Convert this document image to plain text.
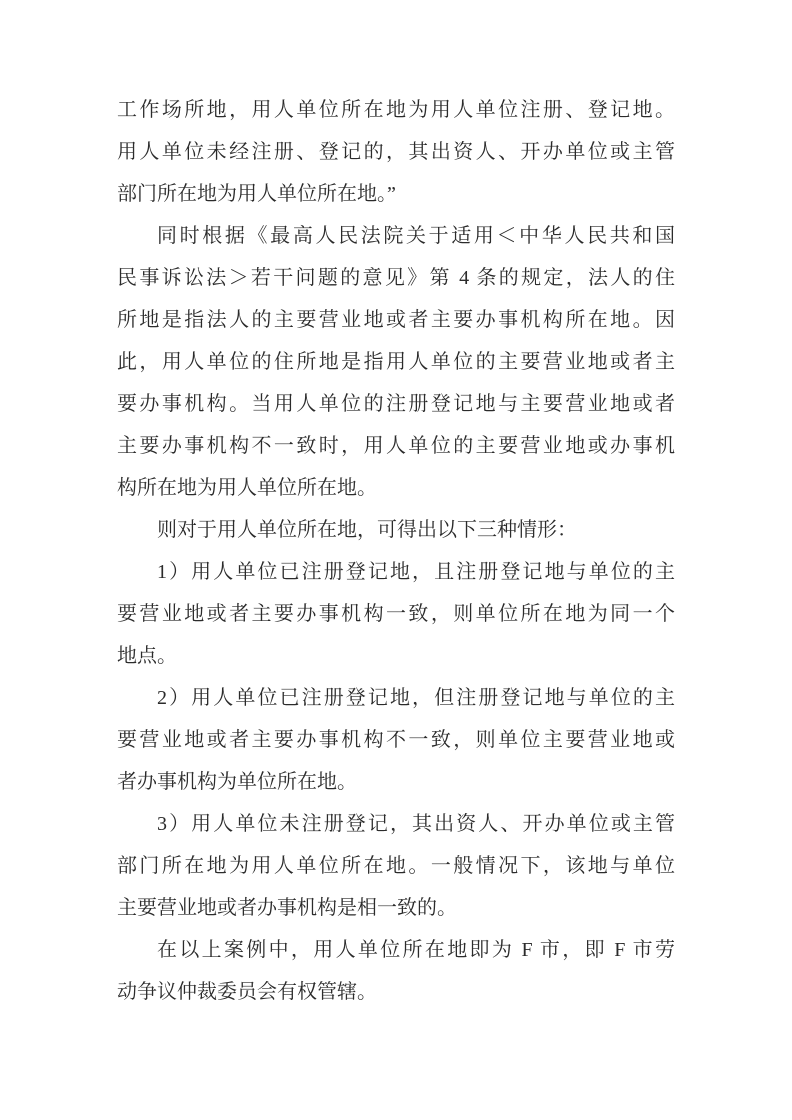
工作场所地，用人单位所在地为用人单位注册、登记地。
用人单位未经注册、登记的，其出资人、开办单位或主管
部门所在地为用人单位所在地。”
同时根据《最高人民法院关于适用＜中华人民共和国
民事诉讼法＞若干问题的意见》第 4 条的规定，法人的住
所地是指法人的主要营业地或者主要办事机构所在地。因
此，用人单位的住所地是指用人单位的主要营业地或者主
要办事机构。当用人单位的注册登记地与主要营业地或者
主要办事机构不一致时，用人单位的主要营业地或办事机
构所在地为用人单位所在地。
则对于用人单位所在地，可得出以下三种情形：
1）用人单位已注册登记地，且注册登记地与单位的主
要营业地或者主要办事机构一致，则单位所在地为同一个
地点。
2）用人单位已注册登记地，但注册登记地与单位的主
要营业地或者主要办事机构不一致，则单位主要营业地或
者办事机构为单位所在地。
3）用人单位未注册登记，其出资人、开办单位或主管
部门所在地为用人单位所在地。一般情况下，该地与单位
主要营业地或者办事机构是相一致的。
在以上案例中，用人单位所在地即为 F 市，即 F 市劳
动争议仲裁委员会有权管辖。
